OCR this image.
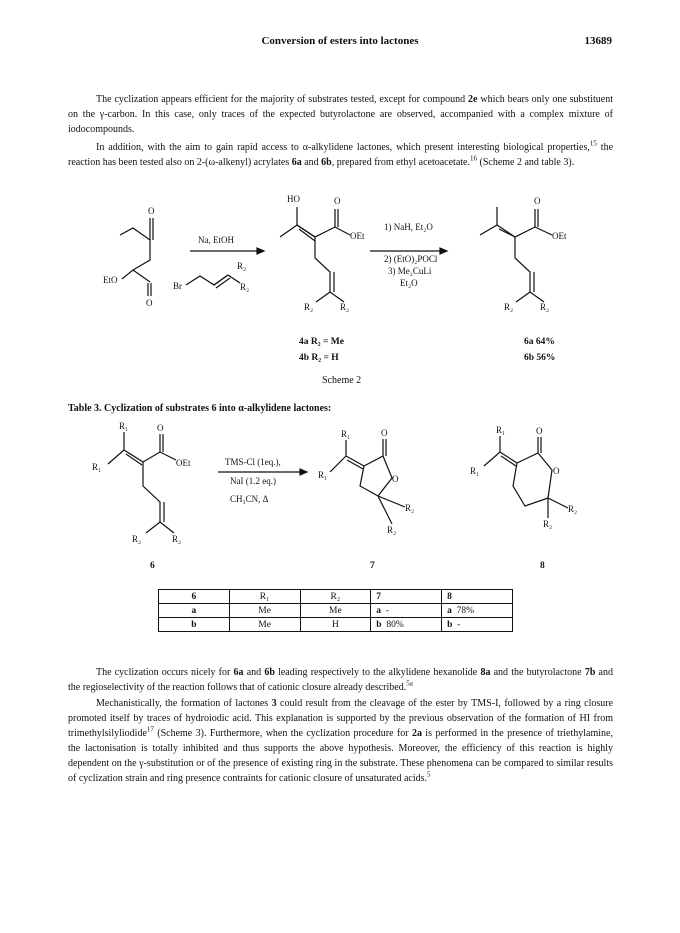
Conversion of esters into lactones	13689

The cyclization appears efficient for the majority of substrates tested, except for compound 2e which bears only one substituent on the γ-carbon. In this case, only traces of the expected butyrolactone are observed, accompanied with a complex mixture of iodocompounds.

In addition, with the aim to gain rapid access to α-alkylidene lactones, which present interesting biological properties,$^{15}$ the reaction has been tested also on 2-(ω-alkenyl) acrylates 6a and 6b, prepared from ethyl acetoacetate.$^{16}$ (Scheme 2 and table 3).

O
O
EtO
Br
R₂
R₂
Na, EtOH
HO	O
OEt
R₂	R₂
1) NaH, Et₂O
2) (EtO)₂POCl
3) Me₂CuLi
Et₂O
O
OEt
R₂	R₂
4a R₂ = Me
4b R₂ = H
6a 64%
6b 56%
Scheme 2
Table 3. Cyclization of substrates 6 into α-alkylidene lactones:
R₁
R₁
O
OEt
R₂	R₂
TMS-Cl (1eq.),
NaI (1.2 eq.)
CH₃CN, Δ
R₁
R₁
O
O
R₂
R₂
R₁
R₁
O
O
R₂
R₂
6	7	8
6	R₁	R₂	7	8
a	Me	Me	a -	a 78%
b	Me	H	b 80%	b -

The cyclization occurs nicely for 6a and 6b leading respectively to the alkylidene hexanolide 8a and the butyrolactone 7b and the regioselectivity of the reaction follows that of cationic closure already described.$^{5a}$

Mechanistically, the formation of lactones 3 could result from the cleavage of the ester by TMS-I, followed by a ring closure promoted itself by traces of hydroiodic acid. This explanation is supported by the previous observation of the formation of HI from trimethylsilyliodide$^{17}$ (Scheme 3). Furthermore, when the cyclization procedure for 2a is performed in the presence of triethylamine, the lactonisation is totally inhibited and thus supports the above hypothesis. Moreover, the efficiency of this reaction is highly dependent on the γ-substitution or of the presence of existing ring in the substrate. These phenomena can be compared to similar results of cyclization strain and ring presence contraints for cationic closure of unsaturated acids.$^5$
